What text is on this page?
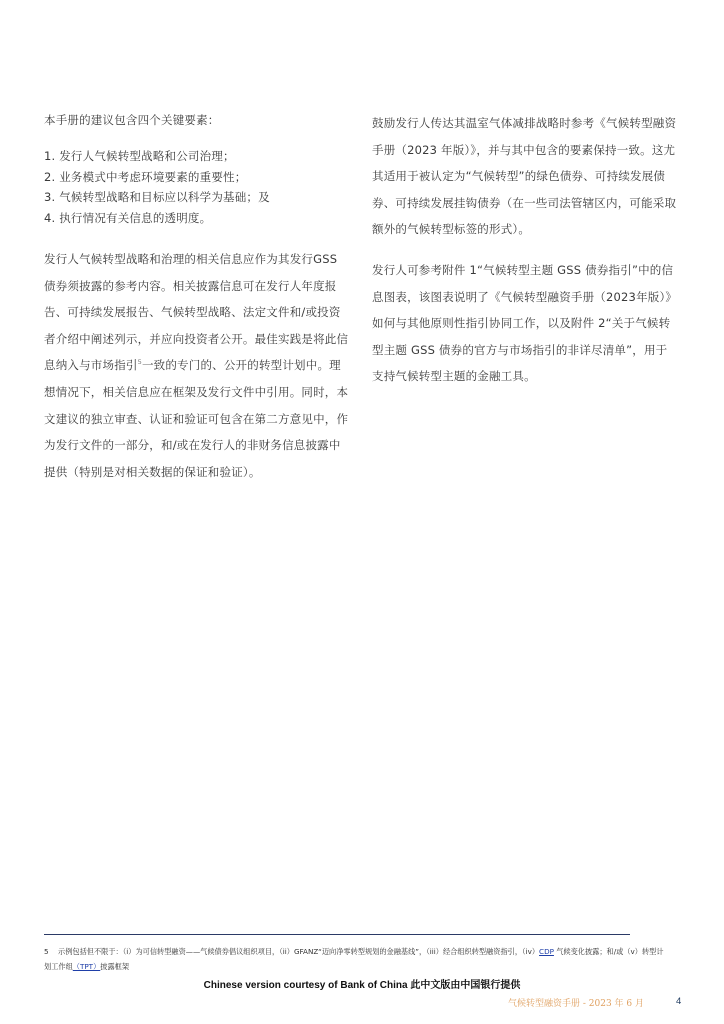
本手册的建议包含四个关键要素：

1. 发行人气候转型战略和公司治理；
2. 业务模式中考虑环境要素的重要性；
3. 气候转型战略和目标应以科学为基础；及
4. 执行情况有关信息的透明度。

发行人气候转型战略和治理的相关信息应作为其发行GSS 债券须披露的参考内容。相关披露信息可在发行人年度报告、可持续发展报告、气候转型战略、法定文件和/或投资者介绍中阐述列示，并应向投资者公开。最佳实践是将此信息纳入与市场指引$^5$一致的专门的、公开的转型计划中。理想情况下，相关信息应在框架及发行文件中引用。同时，本文建议的独立审查、认证和验证可包含在第二方意见中，作为发行文件的一部分，和/或在发行人的非财务信息披露中提供（特别是对相关数据的保证和验证）。

鼓励发行人传达其温室气体减排战略时参考《气候转型融资手册（2023 年版）》，并与其中包含的要素保持一致。这尤其适用于被认定为“气候转型”的绿色债券、可持续发展债券、可持续发展挂钩债券（在一些司法管辖区内，可能采取额外的气候转型标签的形式）。

发行人可参考附件 1“气候转型主题 GSS 债券指引”中的信息图表，该图表说明了《气候转型融资手册（2023年版）》如何与其他原则性指引协同工作，以及附件 2“关于气候转型主题 GSS 债券的官方与市场指引的非详尽清单”，用于支持气候转型主题的金融工具。

5 示例包括但不限于：（i）为可信转型融资——气候债券倡议组织项目，（ii）GFANZ“迈向净零转型规划的金融基线”，（iii）经合组织转型融资指引，（iv）CDP 气候变化披露；和/或（v）转型计划工作组（TPT）披露框架
Chinese version courtesy of Bank of China 此中文版由中国银行提供
气候转型融资手册 - 2023 年 6 月	4
